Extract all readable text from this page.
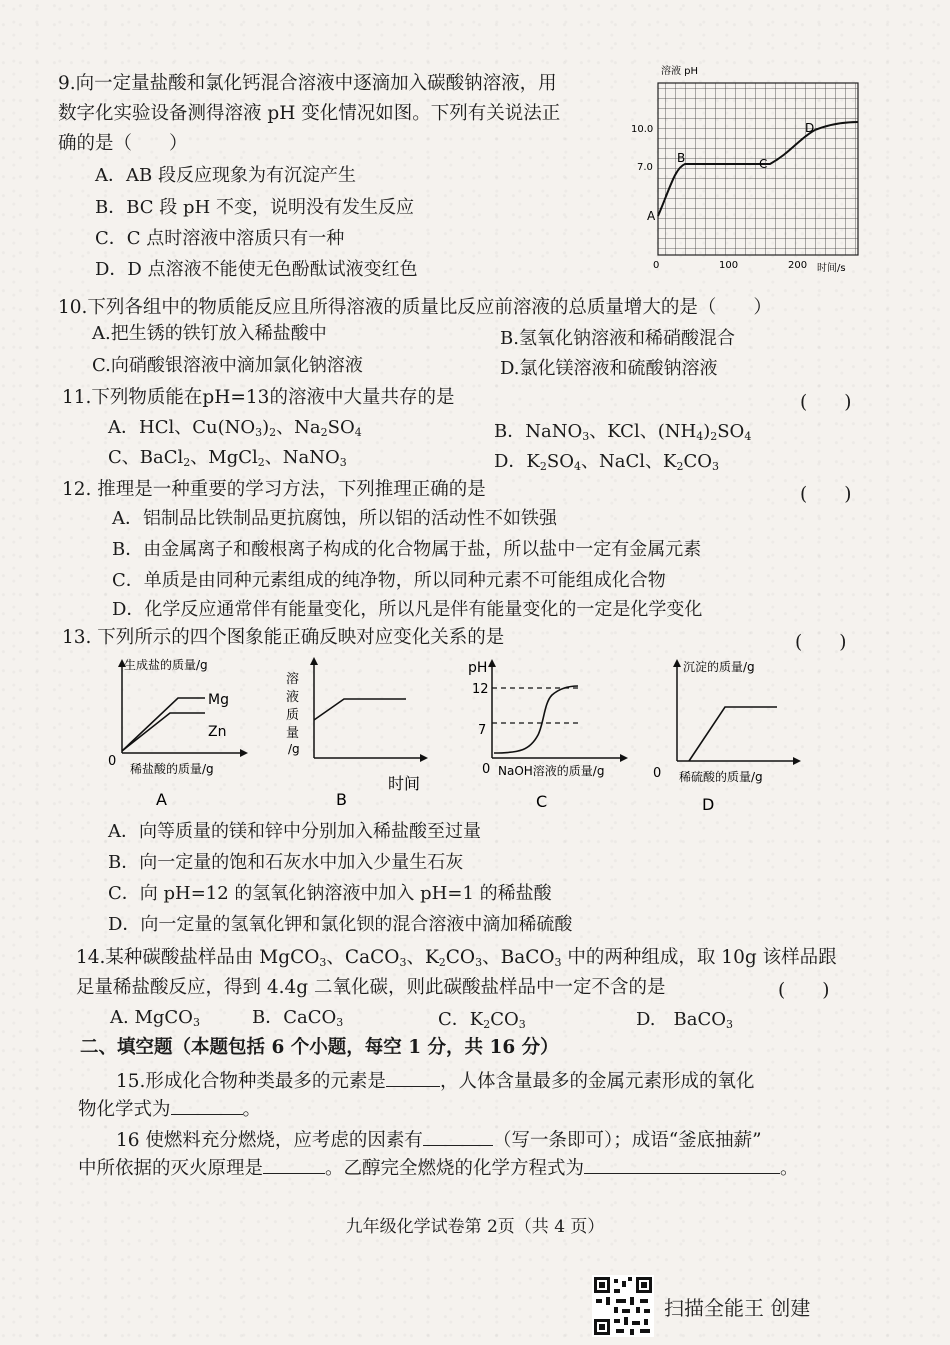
9.向一定量盐酸和氯化钙混合溶液中逐滴加入碳酸钠溶液，用
数字化实验设备测得溶液 pH 变化情况如图。下列有关说法正
确的是（　　）
A．AB 段反应现象为有沉淀产生
B．BC 段 pH 不变，说明没有发生反应
C．C 点时溶液中溶质只有一种
D．D 点溶液不能使无色酚酞试液变红色
溶液 pH
10.0
7.0
0	100	200 时间/s
A
B	C
D
10.下列各组中的物质能反应且所得溶液的质量比反应前溶液的总质量增大的是（　　）
A.把生锈的铁钉放入稀盐酸中	B.氢氧化钠溶液和稀硝酸混合
C.向硝酸银溶液中滴加氯化钠溶液	D.氯化镁溶液和硫酸钠溶液
11.下列物质能在pH=13的溶液中大量共存的是	(　　)
A．HCl、$Cu(NO_3)_2$、$Na_2SO_4$	B．NaNO$_3$、KCl、$(NH_4)_2SO_4$
C、BaCl$_2$、MgCl$_2$、NaNO$_3$	D．$K_2SO_4$、NaCl、$K_2CO_3$
12. 推理是一种重要的学习方法，下列推理正确的是	(　　)
A．铝制品比铁制品更抗腐蚀，所以铝的活动性不如铁强
B．由金属离子和酸根离子构成的化合物属于盐，所以盐中一定有金属元素
C．单质是由同种元素组成的纯净物，所以同种元素不可能组成化合物
D．化学反应通常伴有能量变化，所以凡是伴有能量变化的一定是化学变化
13. 下列所示的四个图象能正确反映对应变化关系的是	(　　)
生成盐的质量/g
Mg
Zn
0 稀盐酸的质量/g
A
溶
液
质
量
/g
时间
B
pH
12
7
0 NaOH溶液的质量/g
C
沉淀的质量/g
0 稀硫酸的质量/g
D
A．向等质量的镁和锌中分别加入稀盐酸至过量
B．向一定量的饱和石灰水中加入少量生石灰
C．向 pH=12 的氢氧化钠溶液中加入 pH=1 的稀盐酸
D．向一定量的氢氧化钾和氯化钡的混合溶液中滴加稀硫酸
14.某种碳酸盐样品由 MgCO$_3$、CaCO$_3$、$K_2CO_3$、BaCO$_3$ 中的两种组成，取 10g 该样品跟
足量稀盐酸反应，得到 4.4g 二氧化碳，则此碳酸盐样品中一定不含的是	(　　)
A. MgCO$_3$	B．CaCO$_3$	C．$K_2CO_3$	D.　BaCO$_3$
二、填空题（本题包括 6 个小题，每空 1 分，共 16 分）
15.形成化合物种类最多的元素是	，人体含量最多的金属元素形成的氧化
物化学式为	。
16 使燃料充分燃烧，应考虑的因素有	（写一条即可）；成语“釜底抽薪”
中所依据的灭火原理是	。乙醇完全燃烧的化学方程式为	。
九年级化学试卷第 2页（共 4 页）
扫描全能王 创建
